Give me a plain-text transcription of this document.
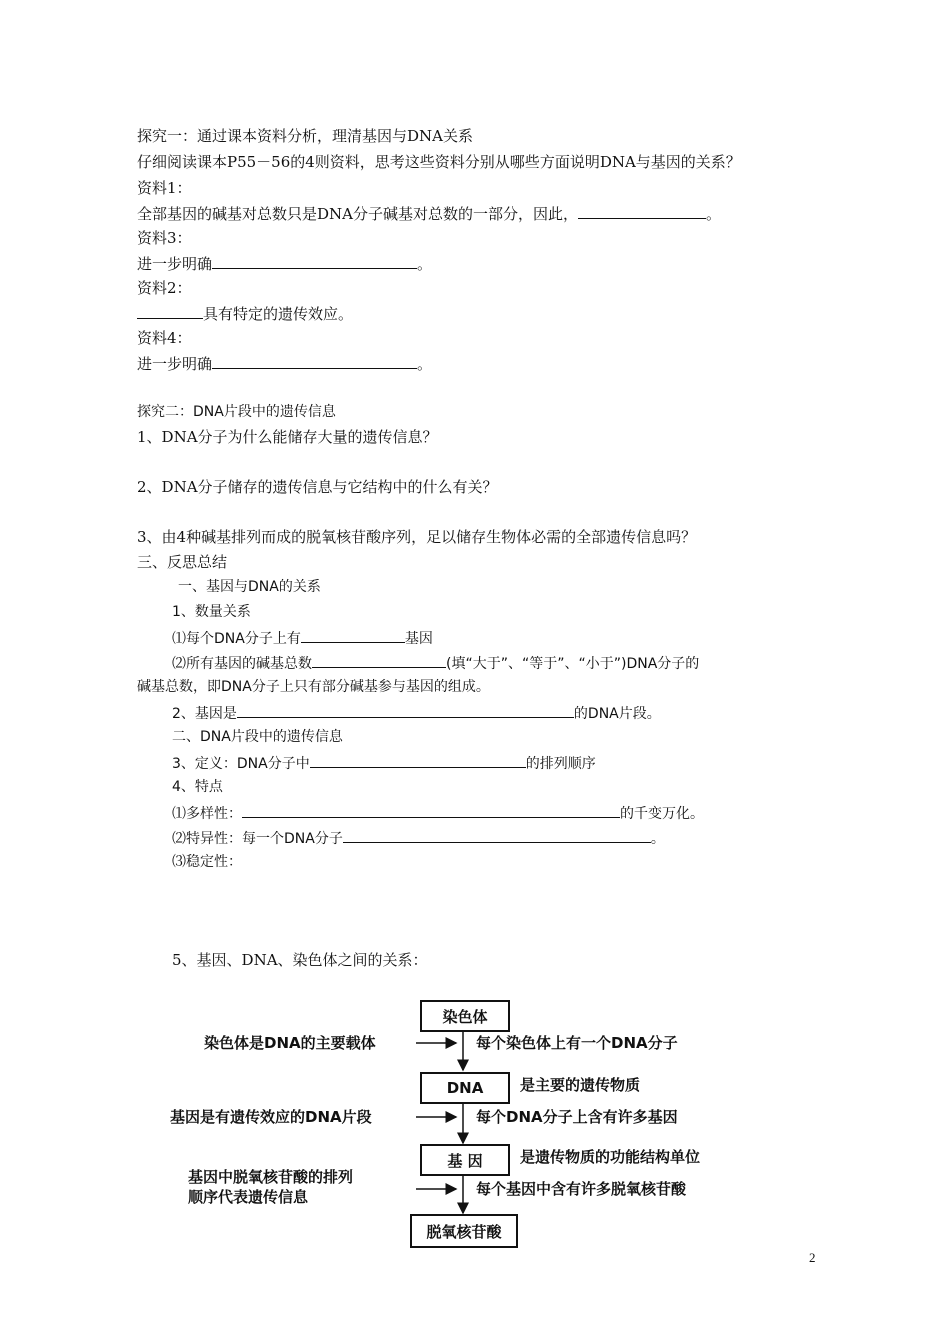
探究一：通过课本资料分析，理清基因与DNA关系
仔细阅读课本P55－56的4则资料，思考这些资料分别从哪些方面说明DNA与基因的关系？
资料1：
全部基因的碱基对总数只是DNA分子碱基对总数的一部分，因此，	。
资料3：
进一步明确	。
资料2：
具有特定的遗传效应。
资料4：
进一步明确	。
探究二：DNA片段中的遗传信息
1、DNA分子为什么能储存大量的遗传信息？
2、DNA分子储存的遗传信息与它结构中的什么有关？
3、由4种碱基排列而成的脱氧核苷酸序列，足以储存生物体必需的全部遗传信息吗？
三、反思总结
一、基因与DNA的关系
1、数量关系
⑴每个DNA分子上有	基因
⑵所有基因的碱基总数	(填“大于”、“等于”、“小于”)DNA分子的
碱基总数，即DNA分子上只有部分碱基参与基因的组成。
2、基因是	的DNA片段。
二、DNA片段中的遗传信息
3、定义：DNA分子中	的排列顺序
4、特点
⑴多样性：	的千变万化。
⑵特异性：每一个DNA分子	。
⑶稳定性：
5、基因、DNA、染色体之间的关系：
染色体
DNA
基 因
脱氧核苷酸
染色体是DNA的主要载体
基因是有遗传效应的DNA片段
基因中脱氧核苷酸的排列
顺序代表遗传信息
每个染色体上有一个DNA分子
是主要的遗传物质
每个DNA分子上含有许多基因
是遗传物质的功能结构单位
每个基因中含有许多脱氧核苷酸
2
